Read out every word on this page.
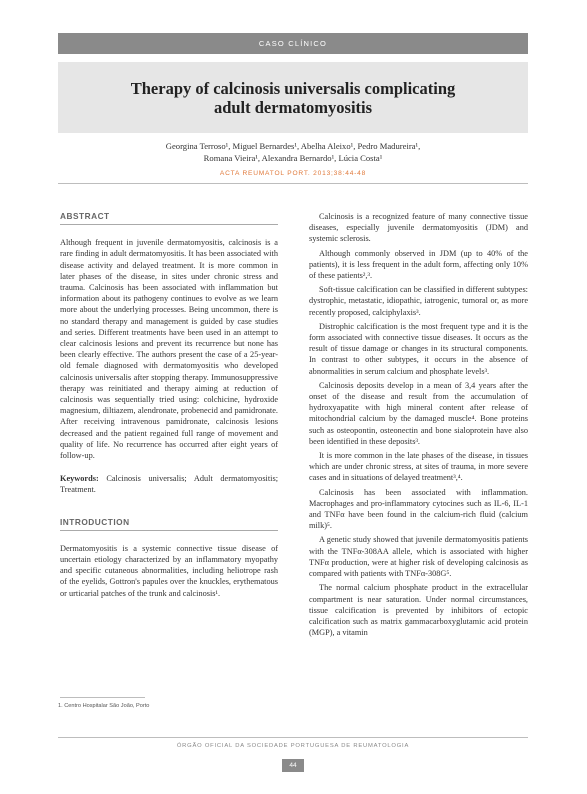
CASO CLÍNICO
Therapy of calcinosis universalis complicating
adult dermatomyositis
Georgina Terroso¹, Miguel Bernardes¹, Abelha Aleixo¹, Pedro Madureira¹,
Romana Vieira¹, Alexandra Bernardo¹, Lúcia Costa¹
ACTA REUMATOL PORT. 2013;38:44-48
ABSTRACT

Although frequent in juvenile dermatomyositis, calcinosis is a rare finding in adult dermatomyositis. It has been associated with disease activity and delayed treatment. It is more common in later phases of the disease, in sites under chronic stress and trauma. Calcinosis has been associated with inflammation but information about its pathogeny continues to evolve as we learn more about the underlying processes. Being uncommon, there is no standard therapy and management is guided by case studies and series. Different treatments have been used in an attempt to clear calcinosis lesions and prevent its recurrence but none has been clearly effective. The authors present the case of a 25-year-old female diagnosed with dermatomyositis who developed calcinosis universalis after stopping therapy. Immunosuppressive therapy was reinitiated and therapy aiming at reduction of calcinosis was sequentially tried using: colchicine, hydroxide magnesium, diltiazem, alendronate, probenecid and pamidronate. After receiving intravenous pamidronate, calcinosis lesions decreased and the patient regained full range of movement and quality of life. No recurrence has occurred after eight years of follow-up.

Keywords: Calcinosis universalis; Adult dermatomyositis; Treatment.

INTRODUCTION

Dermatomyositis is a systemic connective tissue disease of uncertain etiology characterized by an inflammatory myopathy and specific cutaneous abnormalities, including heliotrope rash of the eyelids, Gottron's papules over the knuckles, erythematous or urticarial patches of the trunk and calcinosis¹.

1. Centro Hospitalar São João, Porto

Calcinosis is a recognized feature of many connective tissue diseases, especially juvenile dermatomyositis (JDM) and systemic sclerosis.

Although commonly observed in JDM (up to 40% of the patients), it is less frequent in the adult form, affecting only 10% of these patients²,³.

Soft-tissue calcification can be classified in different subtypes: dystrophic, metastatic, idiopathic, iatrogenic, tumoral or, as more recently proposed, calciphylaxis³.

Distrophic calcification is the most frequent type and it is the form associated with connective tissue diseases. It occurs as the result of tissue damage or changes in its structural components. In contrast to other subtypes, it occurs in the absence of abnormalities in serum calcium and phosphate levels³.

Calcinosis deposits develop in a mean of 3,4 years after the onset of the disease and result from the accumulation of hydroxyapatite with high mineral content after release of mitochondrial calcium by the damaged muscle⁴. Bone proteins such as osteopontin, osteonectin and bone sialoprotein have also been identified in these deposits³.

It is more common in the late phases of the disease, in tissues which are under chronic stress, at sites of trauma, in more severe cases and in situations of delayed treatment³,⁴.

Calcinosis has been associated with inflammation. Macrophages and pro-inflammatory cytocines such as IL-6, IL-1 and TNFα have been found in the calcium-rich fluid (calcium milk)⁵.

A genetic study showed that juvenile dermatomyositis patients with the TNFα-308AA allele, which is associated with higher TNFα production, were at higher risk of developing calcinosis as compared with patients with TNFα-308G⁵.

The normal calcium phosphate product in the extracellular compartment is near saturation. Under normal circumstances, tissue calcification is prevented by inhibitors of ectopic calcification such as matrix gammacarboxyglutamic acid protein (MGP), a vitamin

ÓRGÃO OFICIAL DA SOCIEDADE PORTUGUESA DE REUMATOLOGIA
44
